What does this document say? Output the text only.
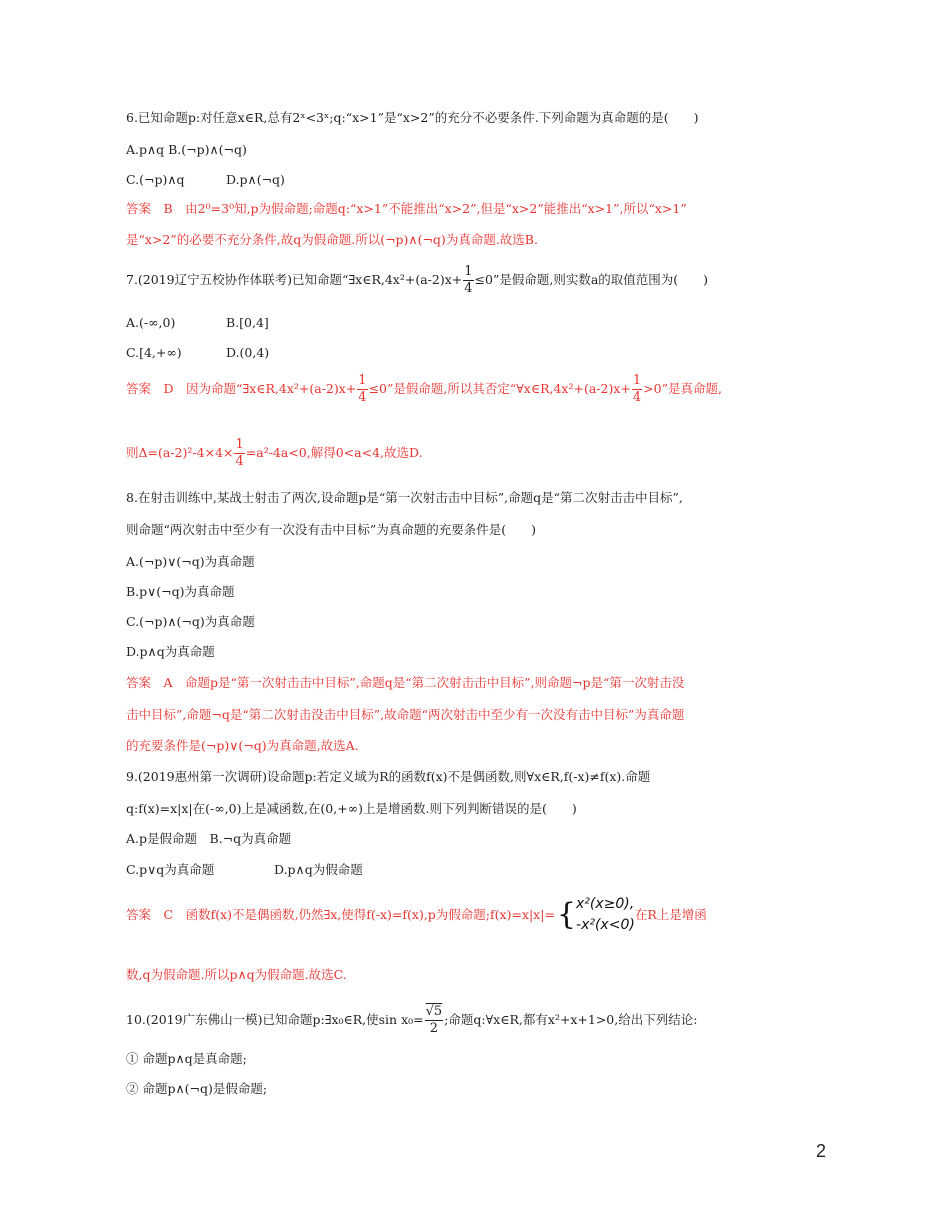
6.已知命题p:对任意x∈R,总有2ˣ<3ˣ;q:“x>1”是“x>2”的充分不必要条件.下列命题为真命题的是(　　)
A.p∧q B.(¬p)∧(¬q)
C.(¬p)∧q	D.p∧(¬q)
答案　B　由2⁰=3⁰知,p为假命题;命题q:“x>1”不能推出“x>2”,但是“x>2”能推出“x>1”,所以“x>1”
是“x>2”的必要不充分条件,故q为假命题.所以(¬p)∧(¬q)为真命题.故选B.
7.(2019辽宁五校协作体联考)已知命题“∃x∈R,4x²+(a-2)x+ $\frac{1}{4} \le 0$”是假命题,则实数a的取值范围为(　　)
A.(-∞,0)	B.[0,4]
C.[4,+∞)	D.(0,4)
答案　D　因为命题“∃x∈R,4x²+(a-2)x+ $\frac{1}{4} \le 0$”是假命题,所以其否定“∀x∈R,4x²+(a-2)x+ $\frac{1}{4} >0$”是真命题,
则$\Delta=(a-2)^2-4\times 4\times \frac{1}{4} =a^2-4a<0$,解得0<a<4,故选D.
8.在射击训练中,某战士射击了两次,设命题p是“第一次射击击中目标”,命题q是“第二次射击击中目标”,
则命题“两次射击中至少有一次没有击中目标”为真命题的充要条件是(　　)
A.(¬p)∨(¬q)为真命题
B.p∨(¬q)为真命题
C.(¬p)∧(¬q)为真命题
D.p∧q为真命题
答案　A　命题p是“第一次射击击中目标”,命题q是“第二次射击击中目标”,则命题¬p是“第一次射击没
击中目标”,命题¬q是“第二次射击没击中目标”,故命题“两次射击中至少有一次没有击中目标”为真命题
的充要条件是(¬p)∨(¬q)为真命题,故选A.
9.(2019惠州第一次调研)设命题p:若定义域为R的函数f(x)不是偶函数,则∀x∈R,f(-x)≠f(x).命题
q:f(x)=x|x|在(-∞,0)上是减函数,在(0,+∞)上是增函数.则下列判断错误的是(　　)
A.p是假命题　B.¬q为真命题
C.p∨q为真命题	D.p∧q为假命题
答案　C　函数f(x)不是偶函数,仍然∃x,使得f(-x)=f(x),p为假命题;f(x)=x|x|={ x²(x≥0),
-x²(x<0)
在R上是增函
数,q为假命题.所以p∧q为假命题.故选C.
10.(2019广东佛山一模)已知命题p:∃x₀∈R,使$\sin x_0= \frac{√5}{2}$ ;命题q:∀x∈R,都有x²+x+1>0,给出下列结论:
① 命题p∧q是真命题;
② 命题p∧(¬q)是假命题;
2
